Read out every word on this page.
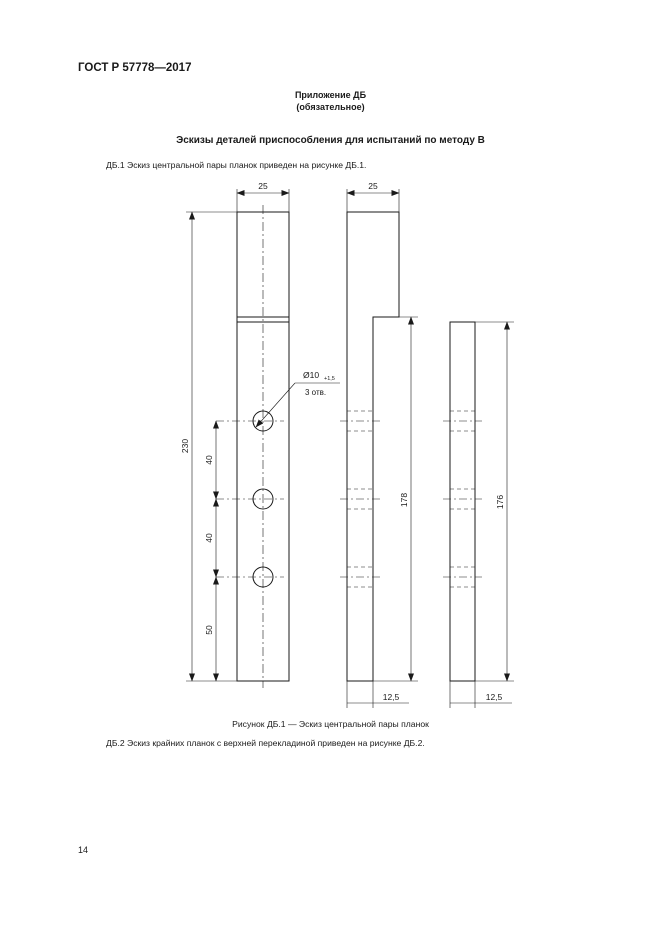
ГОСТ Р 57778—2017
Приложение ДБ
(обязательное)
Эскизы деталей приспособления для испытаний по методу В
ДБ.1 Эскиз центральной пары планок приведен на рисунке ДБ.1.
25	25
230
40
40
50
Ø10 +1,5
3 отв.
178	176
12,5	12,5
Рисунок ДБ.1 — Эскиз центральной пары планок
ДБ.2 Эскиз крайних планок с верхней перекладиной приведен на рисунке ДБ.2.
14
